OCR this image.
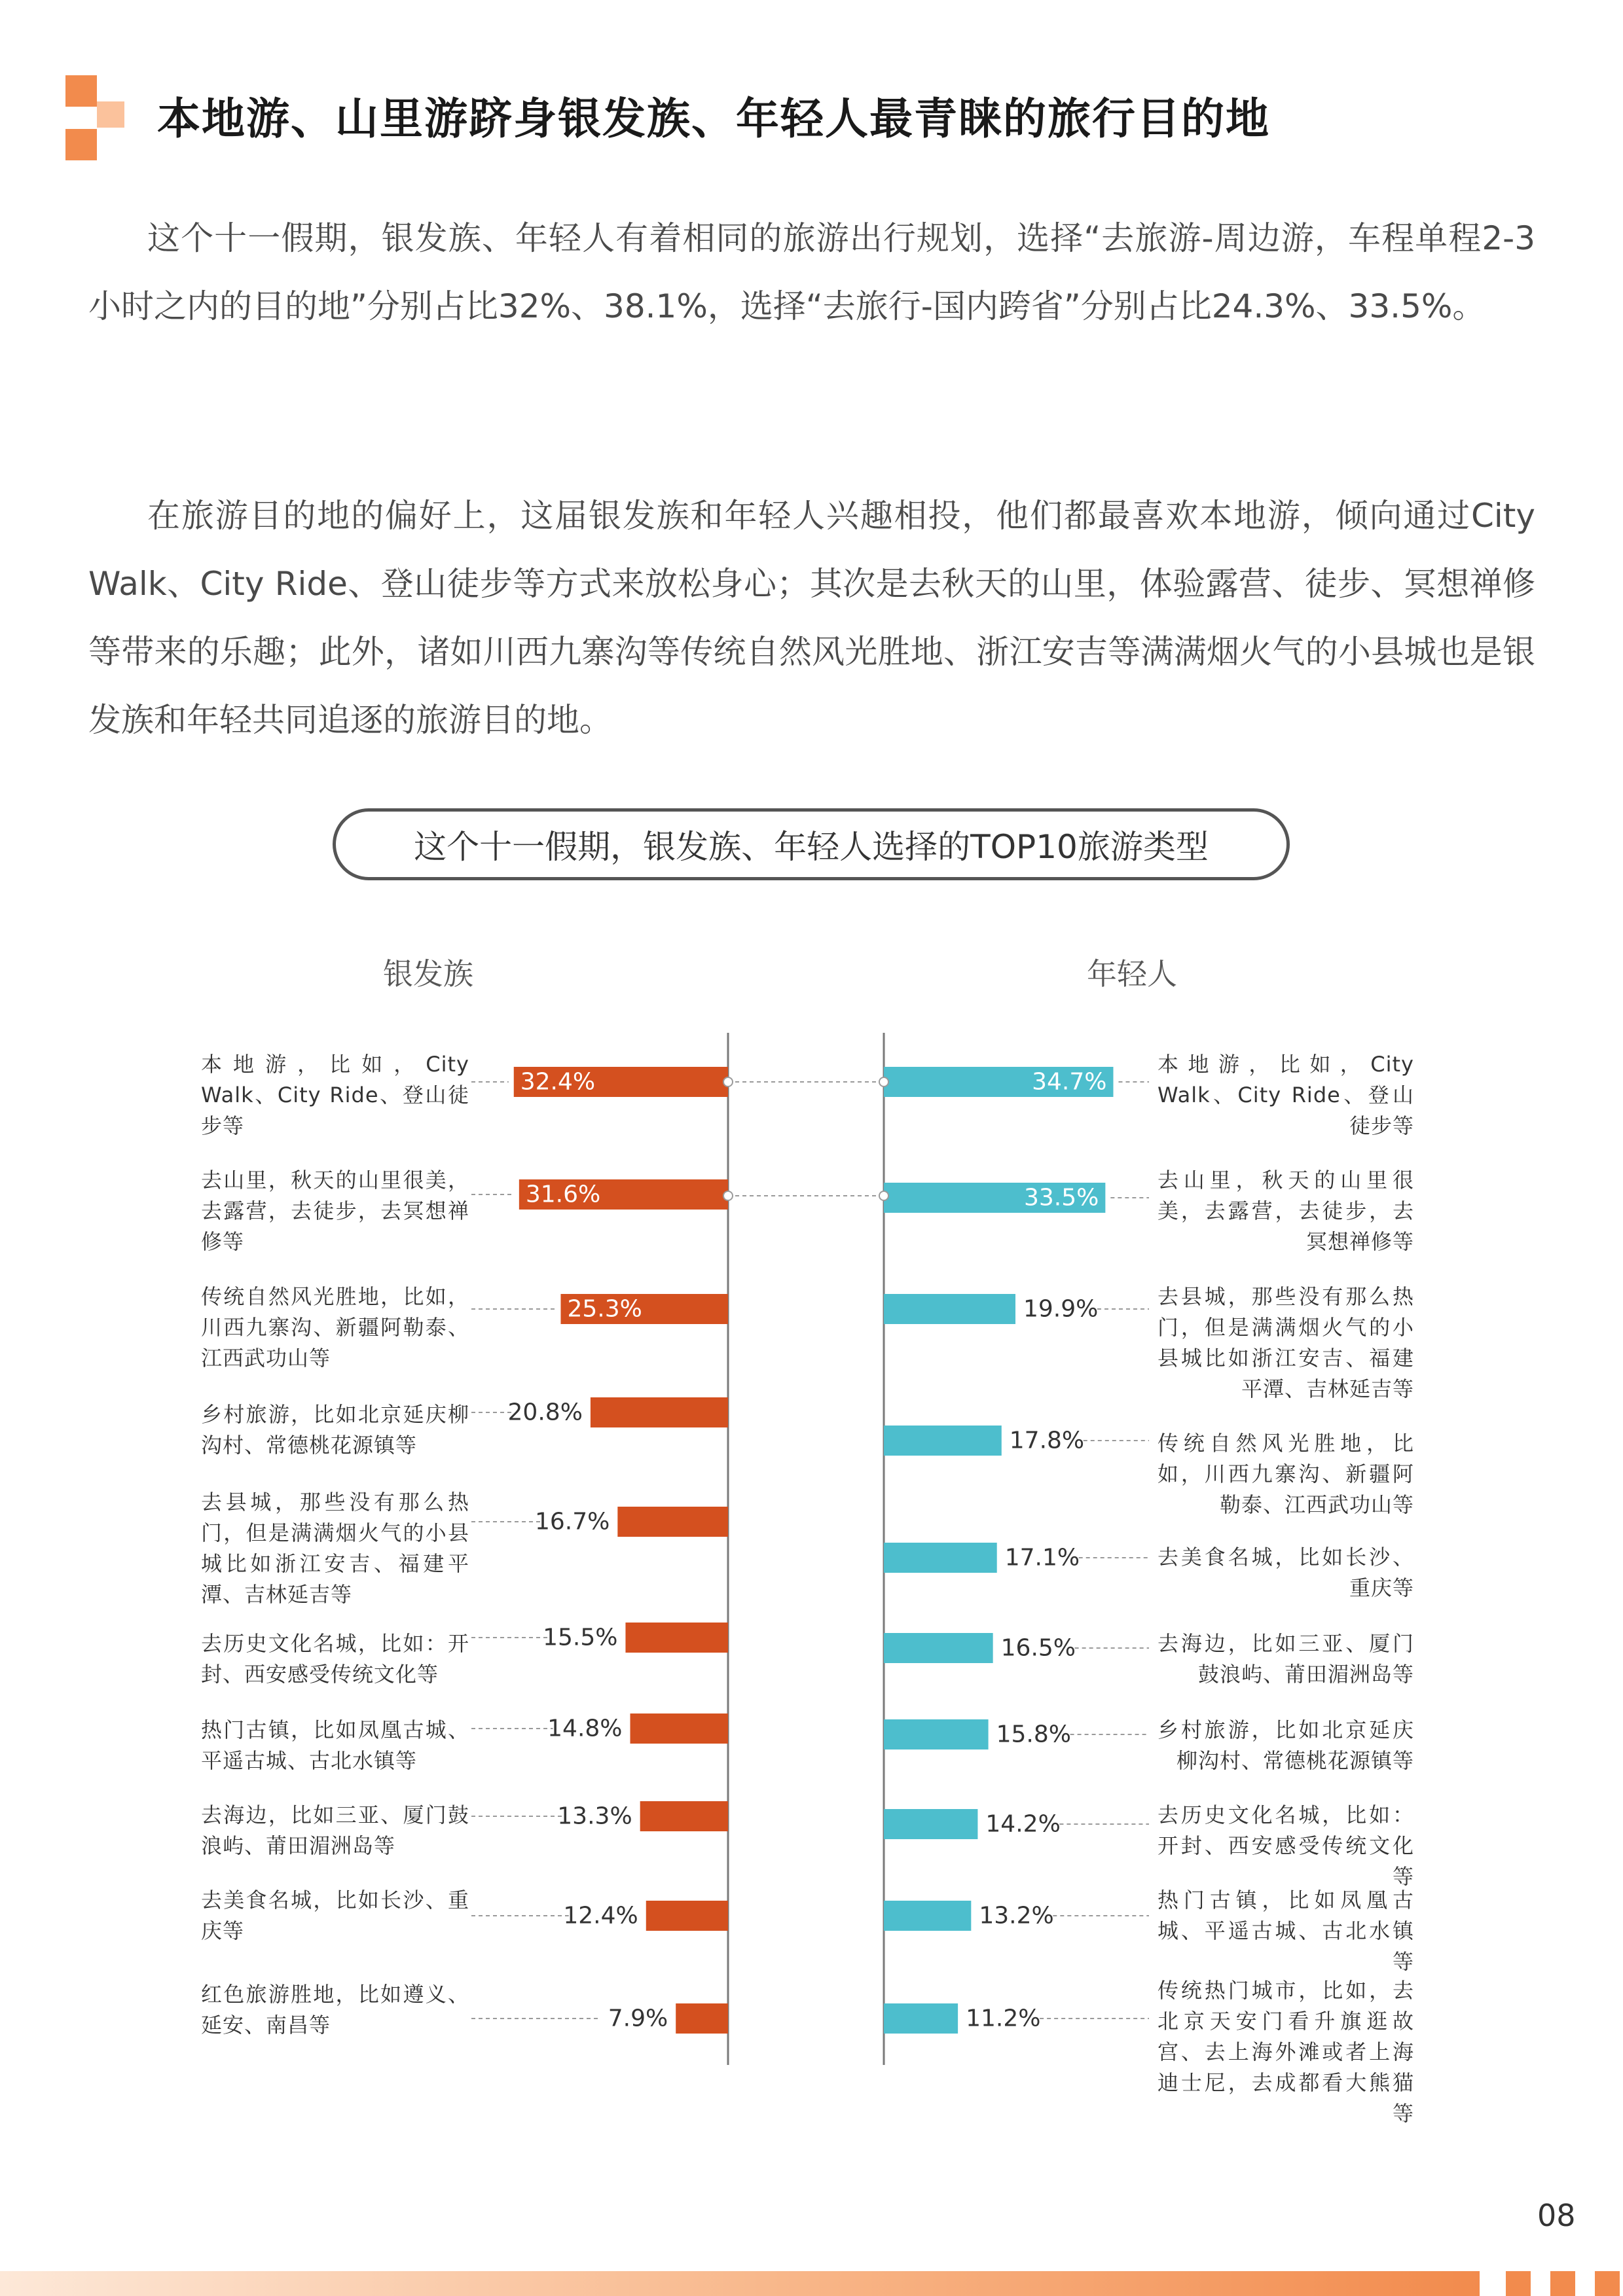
本地游、山里游跻身银发族、年轻人最青睐的旅行目的地

这个十一假期，银发族、年轻人有着相同的旅游出行规划，选择“去旅游-周边游，车程单程2-3小时之内的目的地”分别占比32%、38.1%，选择“去旅行-国内跨省”分别占比24.3%、33.5%。

在旅游目的地的偏好上，这届银发族和年轻人兴趣相投，他们都最喜欢本地游，倾向通过City Walk、City Ride、登山徒步等方式来放松身心；其次是去秋天的山里，体验露营、徒步、冥想禅修等带来的乐趣；此外，诸如川西九寨沟等传统自然风光胜地、浙江安吉等满满烟火气的小县城也是银发族和年轻共同追逐的旅游目的地。

这个十一假期，银发族、年轻人选择的TOP10旅游类型
银发族	年轻人
32.4%
31.6%
25.3%
20.8%
16.7%
15.5%
14.8%
13.3%
12.4%
7.9%
34.7%
33.5%
19.9%
17.8%
17.1%
16.5%
15.8%
14.2%
13.2%
11.2%
本地游，比如，City Walk、City Ride、登山徒步等
去山里，秋天的山里很美，去露营，去徒步，去冥想禅修等
传统自然风光胜地，比如，川西九寨沟、新疆阿勒泰、江西武功山等
乡村旅游，比如北京延庆柳沟村、常德桃花源镇等
去县城，那些没有那么热门，但是满满烟火气的小县城比如浙江安吉、福建平潭、吉林延吉等
去历史文化名城，比如：开封、西安感受传统文化等
热门古镇，比如凤凰古城、平遥古城、古北水镇等
去海边，比如三亚、厦门鼓浪屿、莆田湄洲岛等
去美食名城，比如长沙、重庆等
红色旅游胜地，比如遵义、延安、南昌等
本地游，比如，City Walk、City Ride、登山徒步等
去山里，秋天的山里很美，去露营，去徒步，去冥想禅修等
去县城，那些没有那么热门，但是满满烟火气的小县城比如浙江安吉、福建平潭、吉林延吉等
传统自然风光胜地，比如，川西九寨沟、新疆阿勒泰、江西武功山等
去美食名城，比如长沙、重庆等
去海边，比如三亚、厦门鼓浪屿、莆田湄洲岛等
乡村旅游，比如北京延庆柳沟村、常德桃花源镇等
去历史文化名城，比如：开封、西安感受传统文化等
热门古镇，比如凤凰古城、平遥古城、古北水镇等
传统热门城市，比如，去北京天安门看升旗逛故宫、去上海外滩或者上海迪士尼，去成都看大熊猫等
08
